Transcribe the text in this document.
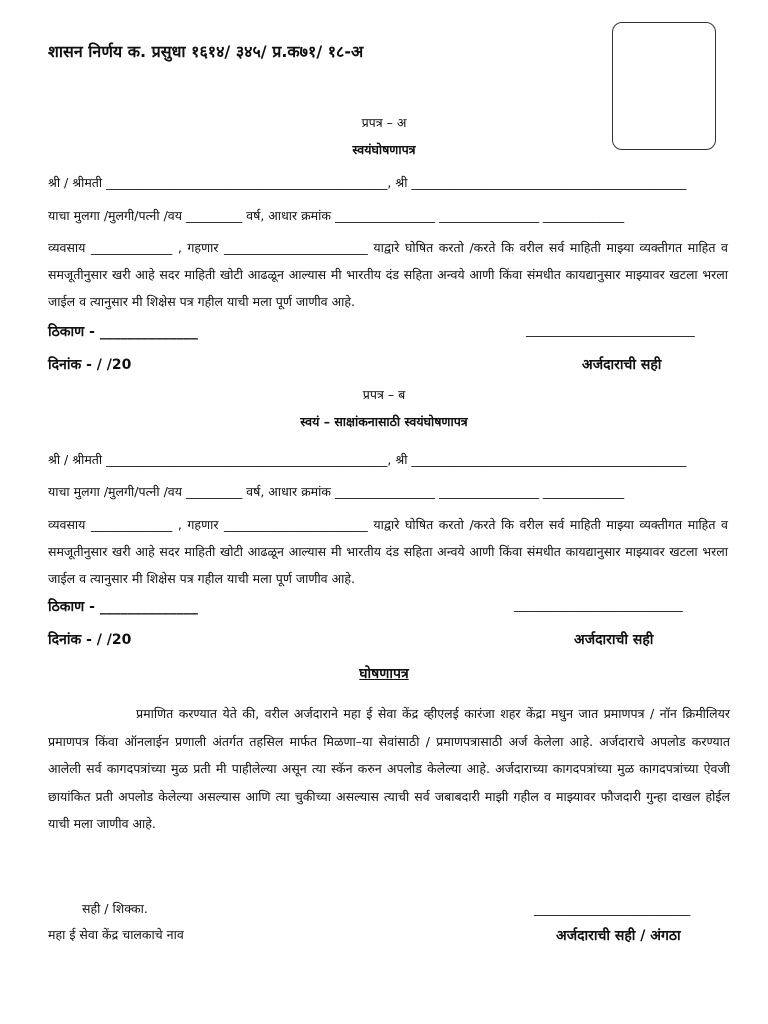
शासन निर्णय क. प्रसुधा १६१४/ ३४५/ प्र.क७१/ १८-अ
प्रपत्र – अ
स्वयंघोषणापत्र
श्री / श्रीमती _____________________________________________, श्री ____________________________________________
याचा मुलगा /मुलगी/पत्नी /वय _________ वर्ष, आधार क्रमांक ________________ ________________ _____________
व्यवसाय _____________ , गहणार _______________________ याद्वारे घोषित करतो /करते कि वरील सर्व माहिती माझ्या व्यक्तीगत माहित व समजूतीनुसार खरी आहे सदर माहिती खोटी आढळून आल्यास मी भारतीय दंड सहिता अन्वये आणी किंवा संमधीत कायद्यानुसार माझ्यावर खटला भरला जाईल व त्यानुसार मी शिक्षेस पत्र गहील याची मला पूर्ण जाणीव आहे.
ठिकाण - ______________	___________________________
दिनांक - / /20	अर्जदाराची सही
प्रपत्र – ब
स्वयं – साक्षांकनासाठी स्वयंघोषणापत्र
श्री / श्रीमती _____________________________________________, श्री ____________________________________________
याचा मुलगा /मुलगी/पत्नी /वय _________ वर्ष, आधार क्रमांक ________________ ________________ _____________
व्यवसाय _____________ , गहणार _______________________ याद्वारे घोषित करतो /करते कि वरील सर्व माहिती माझ्या व्यक्तीगत माहित व समजूतीनुसार खरी आहे सदर माहिती खोटी आढळून आल्यास मी भारतीय दंड सहिता अन्वये आणी किंवा संमधीत कायद्यानुसार माझ्यावर खटला भरला जाईल व त्यानुसार मी शिक्षेस पत्र गहील याची मला पूर्ण जाणीव आहे.
ठिकाण - ______________	___________________________
दिनांक - / /20	अर्जदाराची सही
घोषणापत्र
प्रमाणित करण्यात येते की, वरील अर्जदाराने महा ई सेवा केंद्र व्हीएलई कारंजा शहर केंद्रा मधुन जात प्रमाणपत्र / नॉन क्रिमीलियर प्रमाणपत्र किंवा ऑनलाईन प्रणाली अंतर्गत तहसिल मार्फत मिळणा–या सेवांसाठी / प्रमाणपत्रासाठी अर्ज केलेला आहे. अर्जदाराचे अपलोड करण्यात आलेली सर्व कागदपत्रांच्या मुळ प्रती मी पाहीलेल्या असून त्या स्कॅन करुन अपलोड केलेल्या आहे. अर्जदाराच्या कागदपत्रांच्या मुळ कागदपत्रांच्या ऐवजी छायांकित प्रती अपलोड केलेल्या असल्यास आणि त्या चुकीच्या असल्यास त्याची सर्व जबाबदारी माझी गहील व माझ्यावर फौजदारी गुन्हा दाखल होईल याची मला जाणीव आहे.
सही / शिक्का.
महा ई सेवा केंद्र चालकाचे नाव
_________________________
अर्जदाराची सही / अंगठा
